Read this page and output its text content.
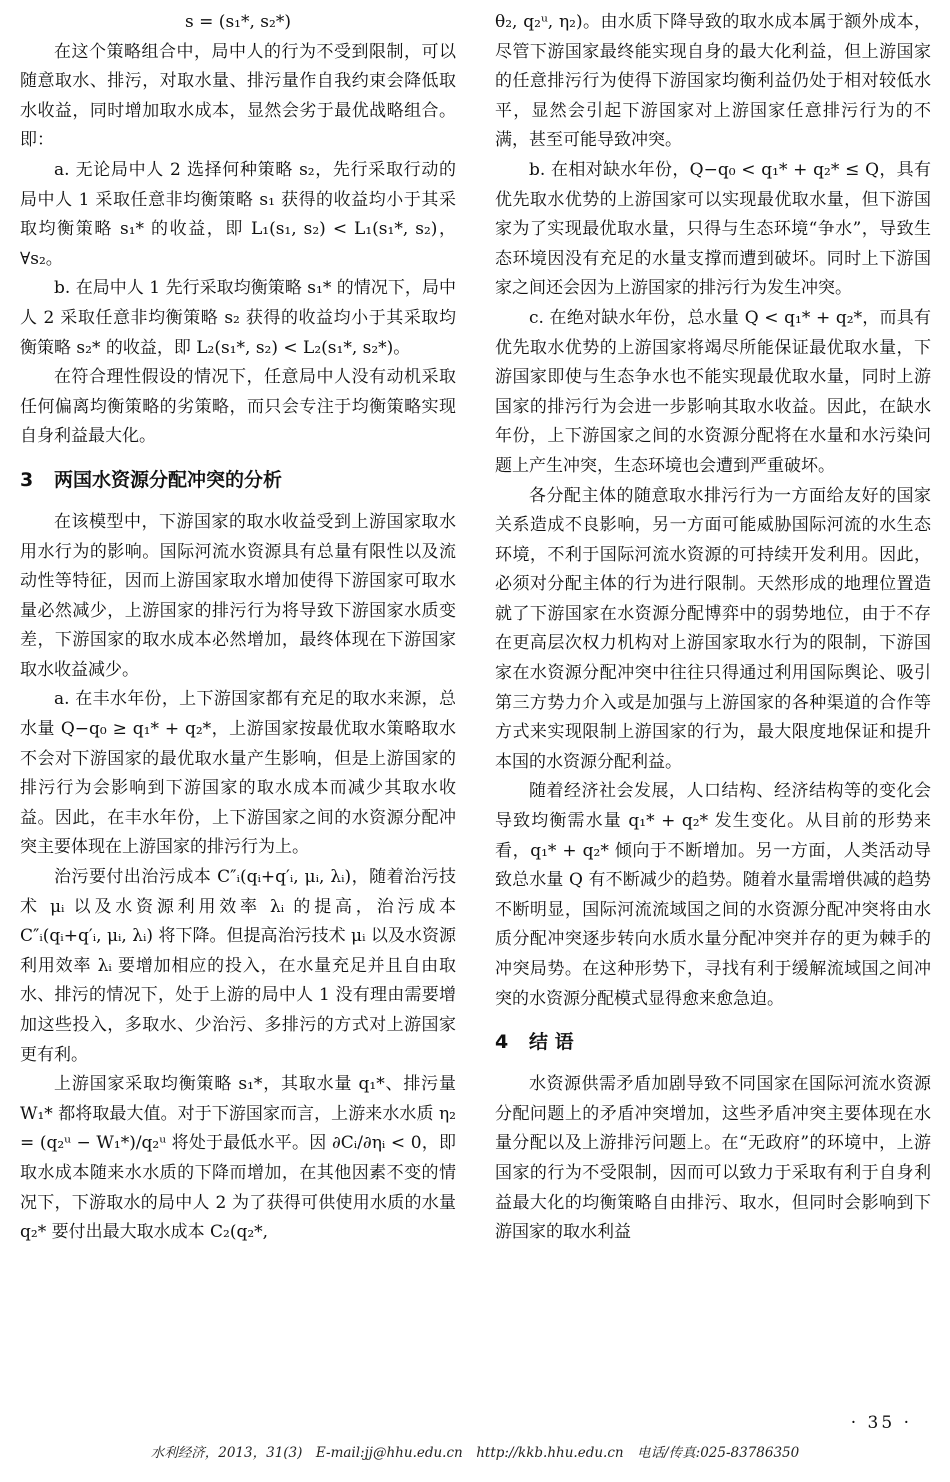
s = (s₁*, s₂*)

在这个策略组合中，局中人的行为不受到限制，可以随意取水、排污，对取水量、排污量作自我约束会降低取水收益，同时增加取水成本，显然会劣于最优战略组合。即：

a. 无论局中人 2 选择何种策略 s₂，先行采取行动的局中人 1 采取任意非均衡策略 s₁ 获得的收益均小于其采取均衡策略 s₁* 的收益，即 L₁(s₁, s₂) < L₁(s₁*, s₂)，∀s₂。

b. 在局中人 1 先行采取均衡策略 s₁* 的情况下，局中人 2 采取任意非均衡策略 s₂ 获得的收益均小于其采取均衡策略 s₂* 的收益，即 L₂(s₁*, s₂) < L₂(s₁*, s₂*)。

在符合理性假设的情况下，任意局中人没有动机采取任何偏离均衡策略的劣策略，而只会专注于均衡策略实现自身利益最大化。

3 两国水资源分配冲突的分析

在该模型中，下游国家的取水收益受到上游国家取水用水行为的影响。国际河流水资源具有总量有限性以及流动性等特征，因而上游国家取水增加使得下游国家可取水量必然减少，上游国家的排污行为将导致下游国家水质变差，下游国家的取水成本必然增加，最终体现在下游国家取水收益减少。

a. 在丰水年份，上下游国家都有充足的取水来源，总水量 Q−q₀ ≥ q₁* + q₂*，上游国家按最优取水策略取水不会对下游国家的最优取水量产生影响，但是上游国家的排污行为会影响到下游国家的取水成本而减少其取水收益。因此，在丰水年份，上下游国家之间的水资源分配冲突主要体现在上游国家的排污行为上。

治污要付出治污成本 C″ᵢ(qᵢ+q′ᵢ, μᵢ, λᵢ)，随着治污技术 μᵢ 以及水资源利用效率 λᵢ 的提高，治污成本 C″ᵢ(qᵢ+q′ᵢ, μᵢ, λᵢ) 将下降。但提高治污技术 μᵢ 以及水资源利用效率 λᵢ 要增加相应的投入，在水量充足并且自由取水、排污的情况下，处于上游的局中人 1 没有理由需要增加这些投入，多取水、少治污、多排污的方式对上游国家更有利。

上游国家采取均衡策略 s₁*，其取水量 q₁*、排污量 W₁* 都将取最大值。对于下游国家而言，上游来水水质 η₂ = (q₂ᵘ − W₁*)/q₂ᵘ 将处于最低水平。因 ∂Cᵢ/∂ηᵢ < 0，即取水成本随来水水质的下降而增加，在其他因素不变的情况下，下游取水的局中人 2 为了获得可供使用水质的水量 q₂* 要付出最大取水成本 C₂(q₂*,

θ₂, q₂ᵘ, η₂)。由水质下降导致的取水成本属于额外成本，尽管下游国家最终能实现自身的最大化利益，但上游国家的任意排污行为使得下游国家均衡利益仍处于相对较低水平，显然会引起下游国家对上游国家任意排污行为的不满，甚至可能导致冲突。

b. 在相对缺水年份，Q−q₀ < q₁* + q₂* ≤ Q，具有优先取水优势的上游国家可以实现最优取水量，但下游国家为了实现最优取水量，只得与生态环境“争水”，导致生态环境因没有充足的水量支撑而遭到破坏。同时上下游国家之间还会因为上游国家的排污行为发生冲突。

c. 在绝对缺水年份，总水量 Q < q₁* + q₂*，而具有优先取水优势的上游国家将竭尽所能保证最优取水量，下游国家即使与生态争水也不能实现最优取水量，同时上游国家的排污行为会进一步影响其取水收益。因此，在缺水年份，上下游国家之间的水资源分配将在水量和水污染问题上产生冲突，生态环境也会遭到严重破坏。

各分配主体的随意取水排污行为一方面给友好的国家关系造成不良影响，另一方面可能威胁国际河流的水生态环境，不利于国际河流水资源的可持续开发利用。因此，必须对分配主体的行为进行限制。天然形成的地理位置造就了下游国家在水资源分配博弈中的弱势地位，由于不存在更高层次权力机构对上游国家取水行为的限制，下游国家在水资源分配冲突中往往只得通过利用国际舆论、吸引第三方势力介入或是加强与上游国家的各种渠道的合作等方式来实现限制上游国家的行为，最大限度地保证和提升本国的水资源分配利益。

随着经济社会发展，人口结构、经济结构等的变化会导致均衡需水量 q₁* + q₂* 发生变化。从目前的形势来看，q₁* + q₂* 倾向于不断增加。另一方面，人类活动导致总水量 Q 有不断减少的趋势。随着水量需增供减的趋势不断明显，国际河流流域国之间的水资源分配冲突将由水质分配冲突逐步转向水质水量分配冲突并存的更为棘手的冲突局势。在这种形势下，寻找有利于缓解流域国之间冲突的水资源分配模式显得愈来愈急迫。

4 结 语

水资源供需矛盾加剧导致不同国家在国际河流水资源分配问题上的矛盾冲突增加，这些矛盾冲突主要体现在水量分配以及上游排污问题上。在“无政府”的环境中，上游国家的行为不受限制，因而可以致力于采取有利于自身利益最大化的均衡策略自由排污、取水，但同时会影响到下游国家的取水利益

· 35 ·
水利经济，2013，31(3)　E-mail:jj@hhu.edu.cn　http://kkb.hhu.edu.cn　电话/传真:025-83786350
